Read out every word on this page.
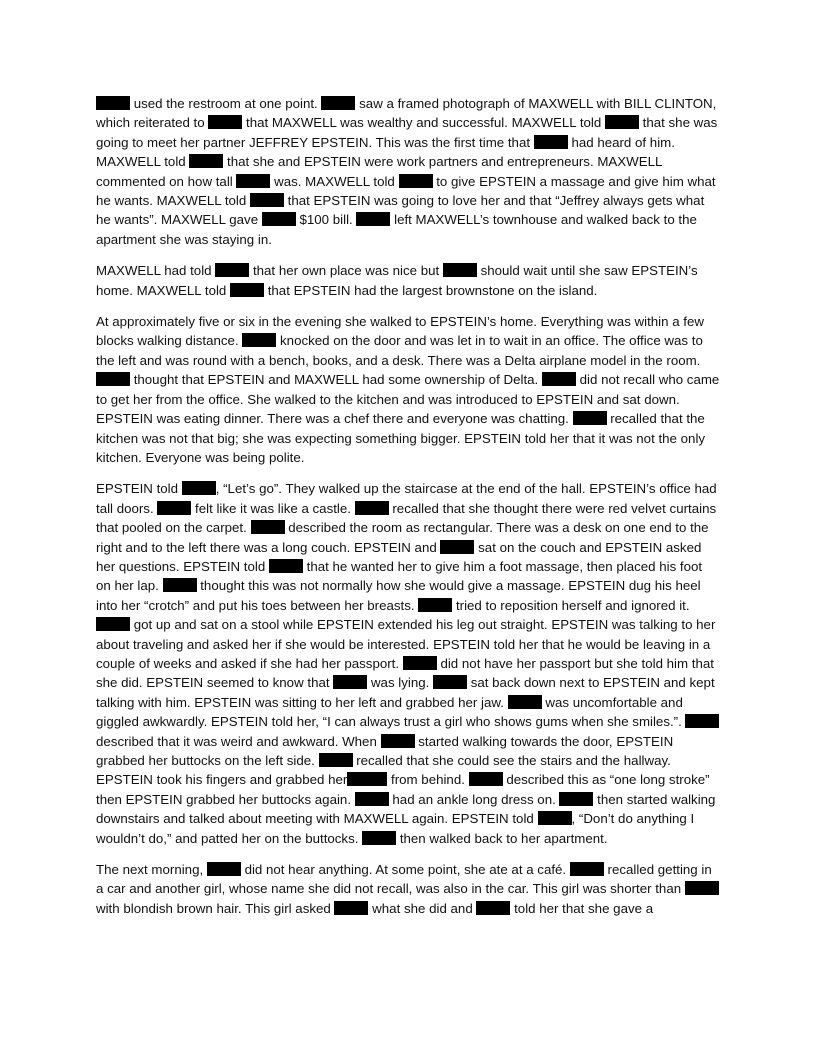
used the restroom at one point.	saw a framed photograph of MAXWELL with BILL CLINTON, which reiterated to	that MAXWELL was wealthy and successful. MAXWELL told	that she was going to meet her partner JEFFREY EPSTEIN. This was the first time that	had heard of him. MAXWELL told	that she and EPSTEIN were work partners and entrepreneurs. MAXWELL commented on how tall	was. MAXWELL told	to give EPSTEIN a massage and give him what he wants. MAXWELL told	that EPSTEIN was going to love her and that “Jeffrey always gets what he wants”. MAXWELL gave	$100 bill.	left MAXWELL’s townhouse and walked back to the apartment she was staying in.

MAXWELL had told	that her own place was nice but	should wait until she saw EPSTEIN’s home. MAXWELL told	that EPSTEIN had the largest brownstone on the island.

At approximately five or six in the evening she walked to EPSTEIN’s home. Everything was within a few blocks walking distance.	knocked on the door and was let in to wait in an office. The office was to the left and was round with a bench, books, and a desk. There was a Delta airplane model in the room.  thought that EPSTEIN and MAXWELL had some ownership of Delta.	did not recall who came to get her from the office. She walked to the kitchen and was introduced to EPSTEIN and sat down. EPSTEIN was eating dinner. There was a chef there and everyone was chatting.	recalled that the kitchen was not that big; she was expecting something bigger. EPSTEIN told her that it was not the only kitchen. Everyone was being polite.

EPSTEIN told	, “Let’s go”. They walked up the staircase at the end of the hall. EPSTEIN’s office had tall doors.	felt like it was like a castle.	recalled that she thought there were red velvet curtains that pooled on the carpet.	described the room as rectangular. There was a desk on one end to the right and to the left there was a long couch. EPSTEIN and	sat on the couch and EPSTEIN asked her questions. EPSTEIN told	that he wanted her to give him a foot massage, then placed his foot on her lap.	thought this was not normally how she would give a massage. EPSTEIN dug his heel into her “crotch” and put his toes between her breasts.	tried to reposition herself and ignored it.  got up and sat on a stool while EPSTEIN extended his leg out straight. EPSTEIN was talking to her about traveling and asked her if she would be interested. EPSTEIN told her that he would be leaving in a couple of weeks and asked if she had her passport.	did not have her passport but she told him that she did. EPSTEIN seemed to know that	was lying.	sat back down next to EPSTEIN and kept talking with him. EPSTEIN was sitting to her left and grabbed her jaw.	was uncomfortable and giggled awkwardly. EPSTEIN told her, “I can always trust a girl who shows gums when she smiles.”.  described that it was weird and awkward. When	started walking towards the door, EPSTEIN grabbed her buttocks on the left side.	recalled that she could see the stairs and the hallway. EPSTEIN took his fingers and grabbed her	from behind.	described this as “one long stroke” then EPSTEIN grabbed her buttocks again.	had an ankle long dress on.	then started walking downstairs and talked about meeting with MAXWELL again. EPSTEIN told	, “Don’t do anything I wouldn’t do,” and patted her on the buttocks.	then walked back to her apartment.

The next morning,	did not hear anything. At some point, she ate at a café.	recalled getting in a car and another girl, whose name she did not recall, was also in the car. This girl was shorter than  with blondish brown hair. This girl asked	what she did and	told her that she gave a
